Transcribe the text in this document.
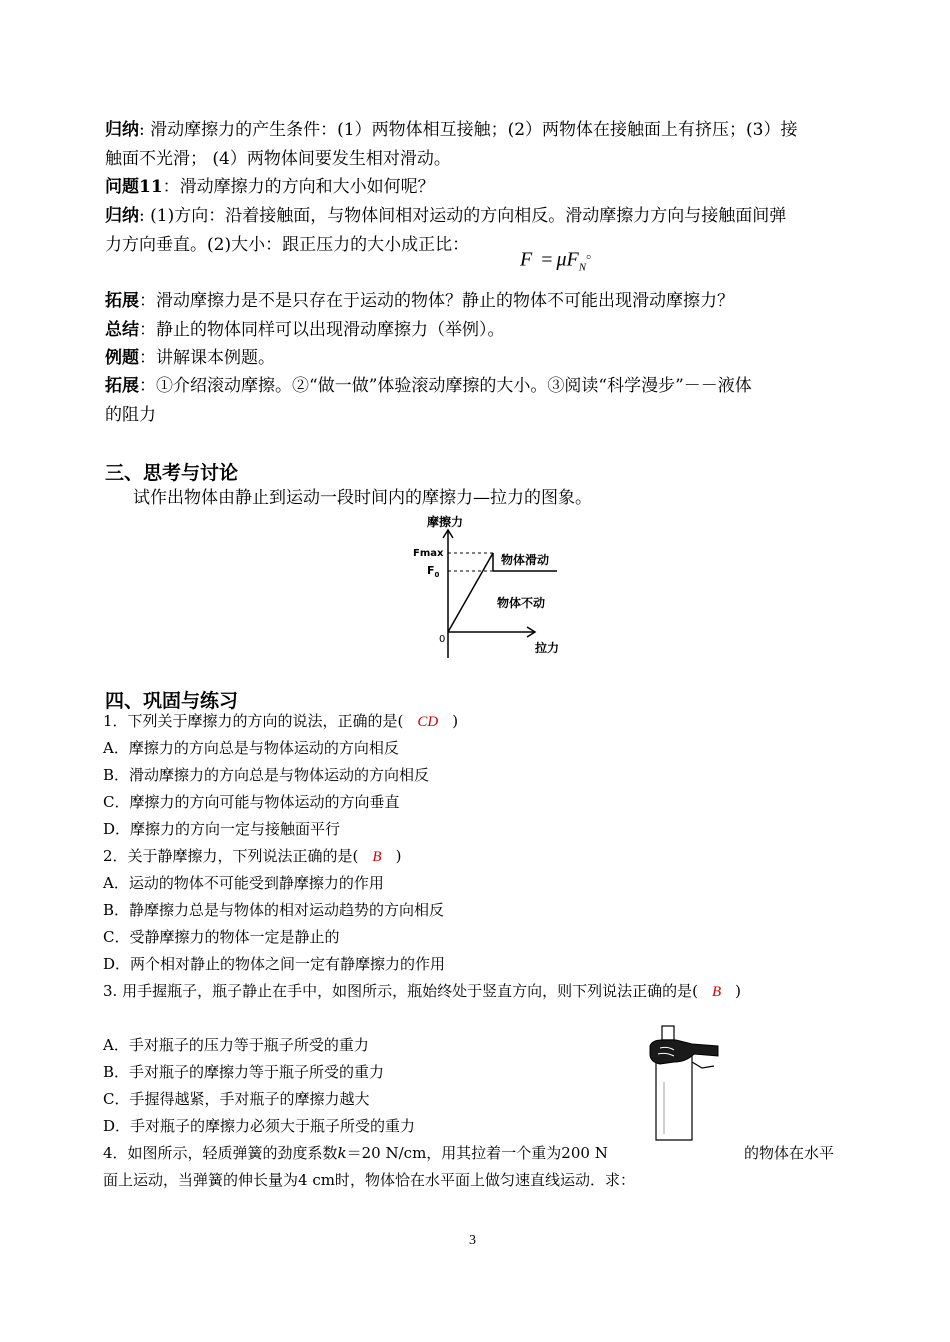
归纳: 滑动摩擦力的产生条件：(1）两物体相互接触；(2）两物体在接触面上有挤压；(3）接
触面不光滑； (4）两物体间要发生相对滑动。
问题11：滑动摩擦力的方向和大小如何呢？
归纳: (1)方向：沿着接触面，与物体间相对运动的方向相反。滑动摩擦力方向与接触面间弹
力方向垂直。(2)大小：跟正压力的大小成正比：
$F = \mu F_N^。$
拓展：滑动摩擦力是不是只存在于运动的物体？静止的物体不可能出现滑动摩擦力？
总结：静止的物体同样可以出现滑动摩擦力（举例）。
例题：讲解课本例题。
拓展：①介绍滚动摩擦。②“做一做”体验滚动摩擦的大小。③阅读“科学漫步”－－液体
的阻力
三、思考与讨论
试作出物体由静止到运动一段时间内的摩擦力—拉力的图象。
摩擦力
拉力
0
Fmax
$F_0$
物体滑动
物体不动
四、巩固与练习
1．下列关于摩擦力的方向的说法，正确的是( CD )
A．摩擦力的方向总是与物体运动的方向相反
B．滑动摩擦力的方向总是与物体运动的方向相反
C．摩擦力的方向可能与物体运动的方向垂直
D．摩擦力的方向一定与接触面平行
2．关于静摩擦力，下列说法正确的是( B )
A．运动的物体不可能受到静摩擦力的作用
B．静摩擦力总是与物体的相对运动趋势的方向相反
C．受静摩擦力的物体一定是静止的
D．两个相对静止的物体之间一定有静摩擦力的作用
3. 用手握瓶子，瓶子静止在手中，如图所示，瓶始终处于竖直方向，则下列说法正确的是( B )
A．手对瓶子的压力等于瓶子所受的重力
B．手对瓶子的摩擦力等于瓶子所受的重力
C．手握得越紧，手对瓶子的摩擦力越大
D．手对瓶子的摩擦力必须大于瓶子所受的重力
4．如图所示，轻质弹簧的劲度系数k＝20 N/cm，用其拉着一个重为200 N	的物体在水平
面上运动，当弹簧的伸长量为4 cm时，物体恰在水平面上做匀速直线运动．求：
3
